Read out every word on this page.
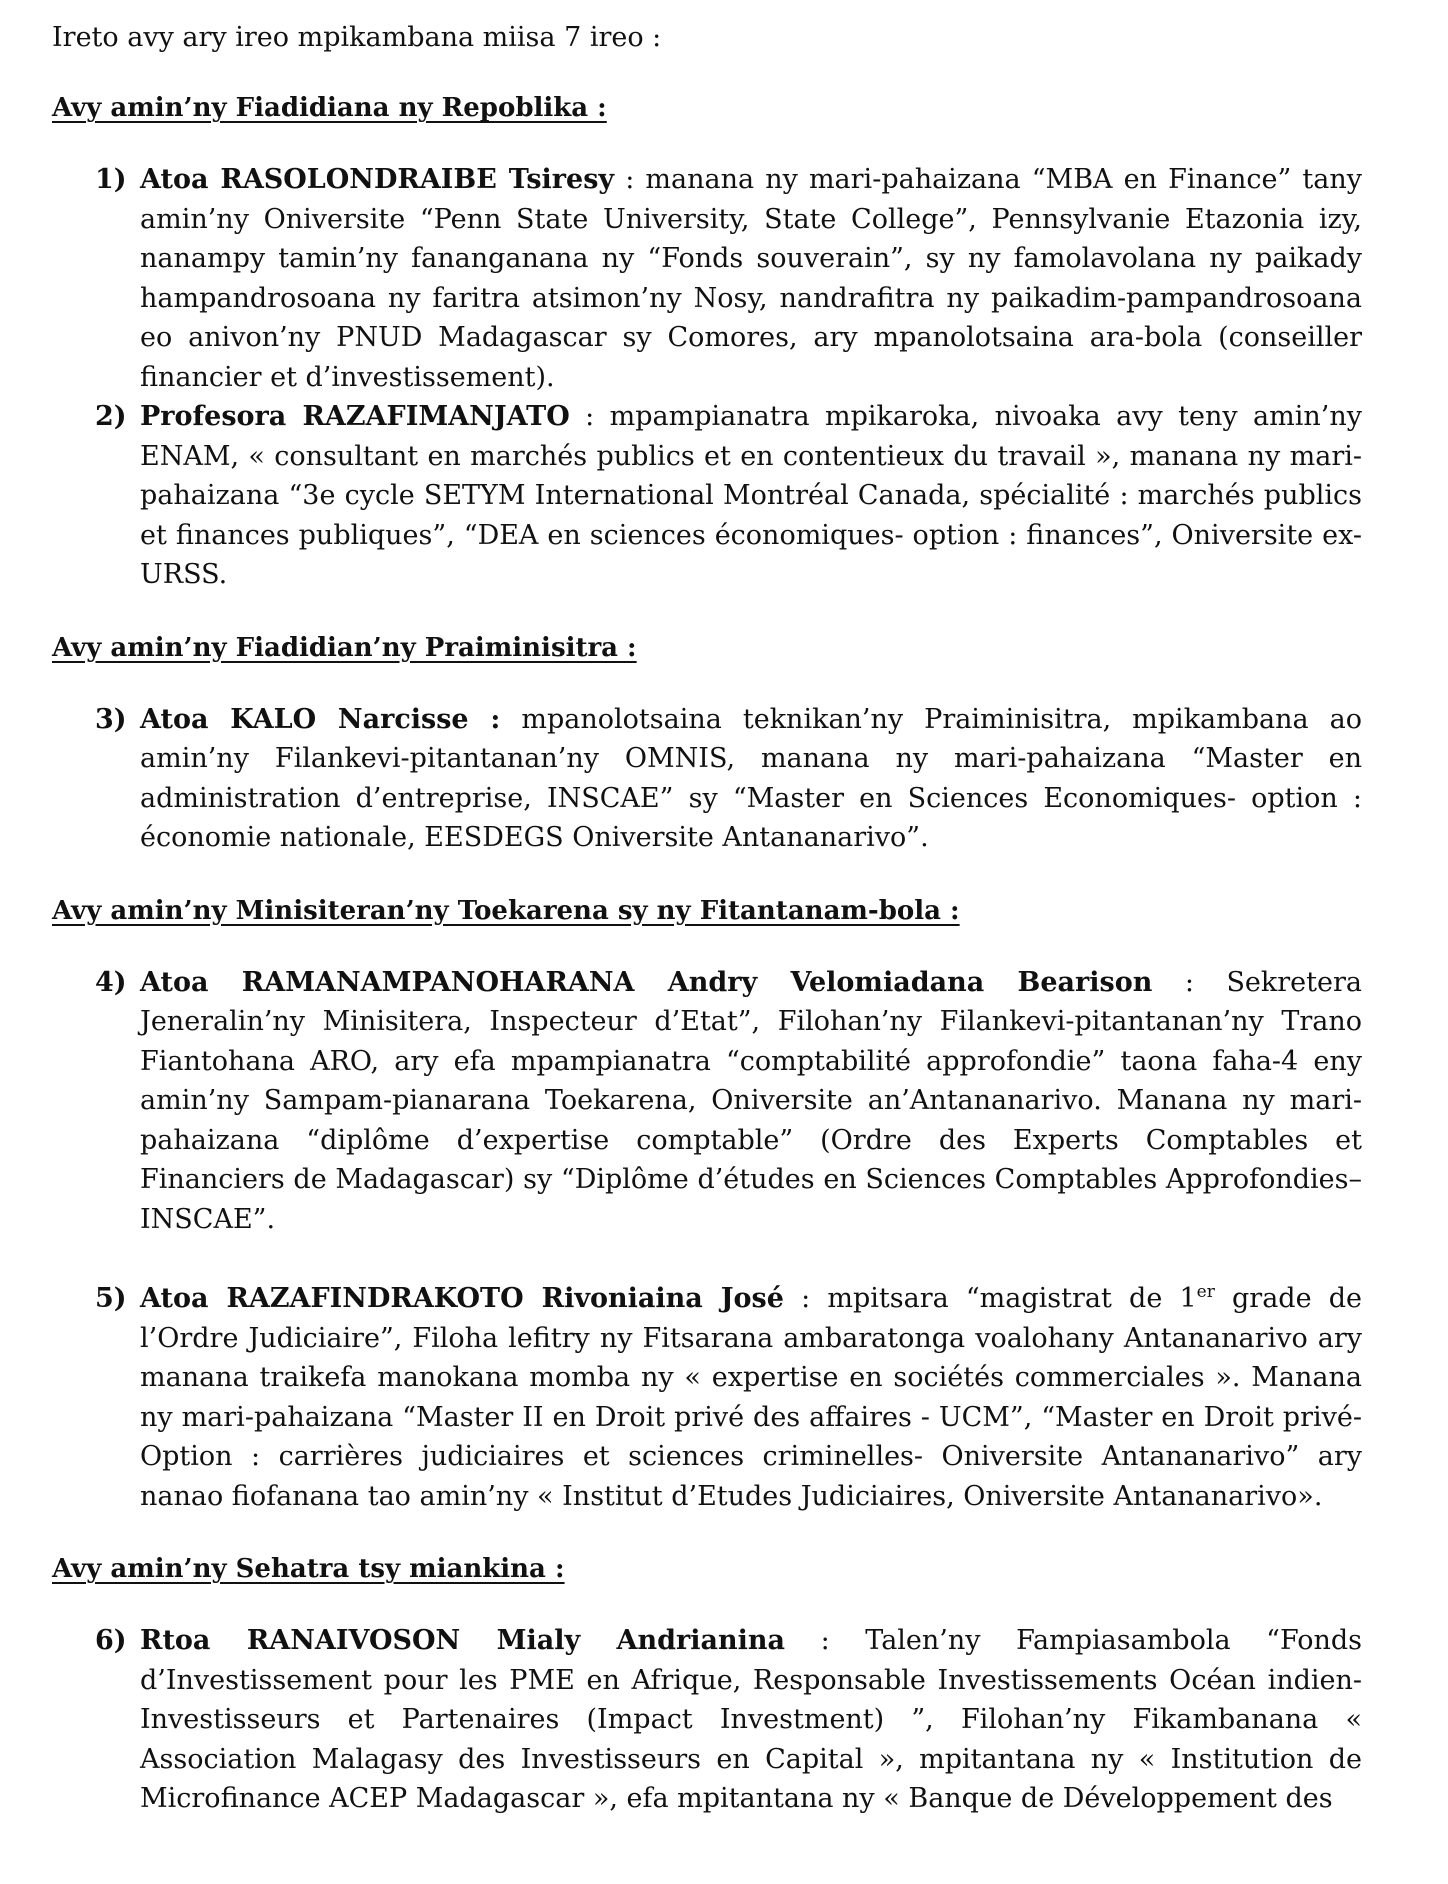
Ireto avy ary ireo mpikambana miisa 7 ireo :

Avy amin’ny Fiadidiana ny Repoblika :
1) Atoa RASOLONDRAIBE Tsiresy : manana ny mari-pahaizana “MBA en Finance” tany amin’ny Oniversite “Penn State University, State College”, Pennsylvanie Etazonia izy, nanampy tamin’ny fananganana ny “Fonds souverain”, sy ny famolavolana ny paikady hampandrosoana ny faritra atsimon’ny Nosy, nandrafitra ny paikadim-pampandrosoana eo anivon’ny PNUD Madagascar sy Comores, ary mpanolotsaina ara-bola (conseiller financier et d’investissement).
2) Profesora RAZAFIMANJATO : mpampianatra mpikaroka, nivoaka avy teny amin’ny ENAM, « consultant en marchés publics et en contentieux du travail », manana ny mari-pahaizana “3e cycle SETYM International Montréal Canada, spécialité : marchés publics et finances publiques”, “DEA en sciences économiques- option : finances”, Oniversite ex-URSS.
Avy amin’ny Fiadidian’ny Praiminisitra :
3) Atoa KALO Narcisse : mpanolotsaina teknikan’ny Praiminisitra, mpikambana ao amin’ny Filankevi-pitantanan’ny OMNIS, manana ny mari-pahaizana “Master en administration d’entreprise, INSCAE” sy “Master en Sciences Economiques- option : économie nationale, EESDEGS Oniversite Antananarivo”.
Avy amin’ny Minisiteran’ny Toekarena sy ny Fitantanam-bola :
4) Atoa RAMANAMPANOHARANA Andry Velomiadana Bearison : Sekretera Jeneralin’ny Minisitera, Inspecteur d’Etat”, Filohan’ny Filankevi-pitantanan’ny Trano Fiantohana ARO, ary efa mpampianatra “comptabilité approfondie” taona faha-4 eny amin’ny Sampam-pianarana Toekarena, Oniversite an’Antananarivo. Manana ny mari-pahaizana “diplôme d’expertise comptable” (Ordre des Experts Comptables et Financiers de Madagascar) sy “Diplôme d’études en Sciences Comptables Approfondies– INSCAE”.
5) Atoa RAZAFINDRAKOTO Rivoniaina José : mpitsara “magistrat de 1er grade de l’Ordre Judiciaire”, Filoha lefitry ny Fitsarana ambaratonga voalohany Antananarivo ary manana traikefa manokana momba ny « expertise en sociétés commerciales ». Manana ny mari-pahaizana “Master II en Droit privé des affaires - UCM”, “Master en Droit privé- Option : carrières judiciaires et sciences criminelles- Oniversite Antananarivo” ary nanao fiofanana tao amin’ny « Institut d’Etudes Judiciaires, Oniversite Antananarivo».
Avy amin’ny Sehatra tsy miankina :
6) Rtoa RANAIVOSON Mialy Andrianina : Talen’ny Fampiasambola “Fonds d’Investissement pour les PME en Afrique, Responsable Investissements Océan indien- Investisseurs et Partenaires (Impact Investment) ”, Filohan’ny Fikambanana « Association Malagasy des Investisseurs en Capital », mpitantana ny « Institution de Microfinance ACEP Madagascar », efa mpitantana ny « Banque de Développement des
